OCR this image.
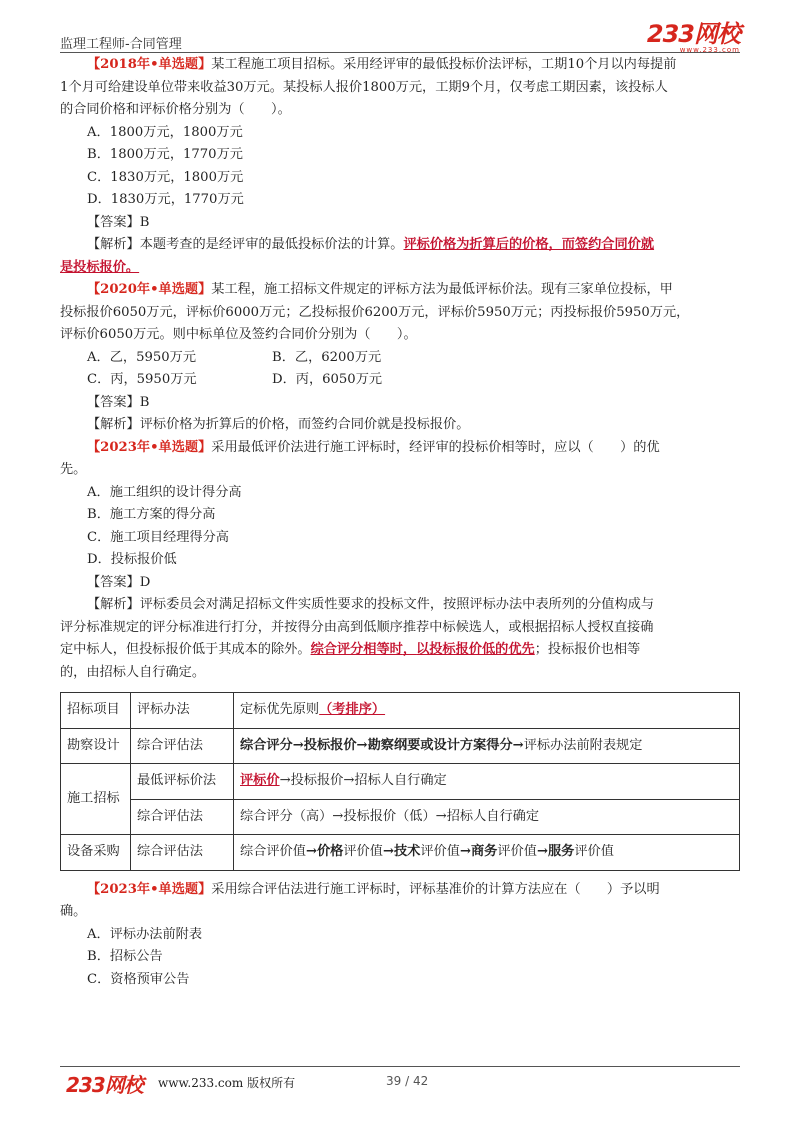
监理工程师-合同管理	233网校
www.233.com

【2018年•单选题】某工程施工项目招标。采用经评审的最低投标价法评标，工期10个月以内每提前

1个月可给建设单位带来收益30万元。某投标人报价1800万元，工期9个月，仅考虑工期因素，该投标人

的合同价格和评标价格分别为（　　）。

A．1800万元，1800万元

B．1800万元，1770万元

C．1830万元，1800万元

D．1830万元，1770万元

【答案】B

【解析】本题考查的是经评审的最低投标价法的计算。评标价格为折算后的价格，而签约合同价就

是投标报价。

【2020年•单选题】某工程，施工招标文件规定的评标方法为最低评标价法。现有三家单位投标，甲

投标报价6050万元，评标价6000万元；乙投标报价6200万元，评标价5950万元；丙投标报价5950万元，

评标价6050万元。则中标单位及签约合同价分别为（　　）。

A．乙，5950万元	B．乙，6200万元
C．丙，5950万元	D．丙，6050万元

【答案】B

【解析】评标价格为折算后的价格，而签约合同价就是投标报价。

【2023年•单选题】采用最低评价法进行施工评标时，经评审的投标价相等时，应以（　　）的优

先。

A．施工组织的设计得分高

B．施工方案的得分高

C．施工项目经理得分高

D．投标报价低

【答案】D

【解析】评标委员会对满足招标文件实质性要求的投标文件，按照评标办法中表所列的分值构成与

评分标准规定的评分标准进行打分，并按得分由高到低顺序推荐中标候选人，或根据招标人授权直接确

定中标人，但投标报价低于其成本的除外。综合评分相等时，以投标报价低的优先；投标报价也相等

的，由招标人自行确定。

招标项目	评标办法	定标优先原则（考排序）
勘察设计	综合评估法	综合评分→投标报价→勘察纲要或设计方案得分→评标办法前附表规定
施工招标	最低评标价法	评标价→投标报价→招标人自行确定
	综合评估法	综合评分（高）→投标报价（低）→招标人自行确定
设备采购	综合评估法	综合评价值→价格评价值→技术评价值→商务评价值→服务评价值

【2023年•单选题】采用综合评估法进行施工评标时，评标基准价的计算方法应在（　　）予以明

确。

A．评标办法前附表

B．招标公告

C．资格预审公告

233网校 www.233.com 版权所有	39 / 42
